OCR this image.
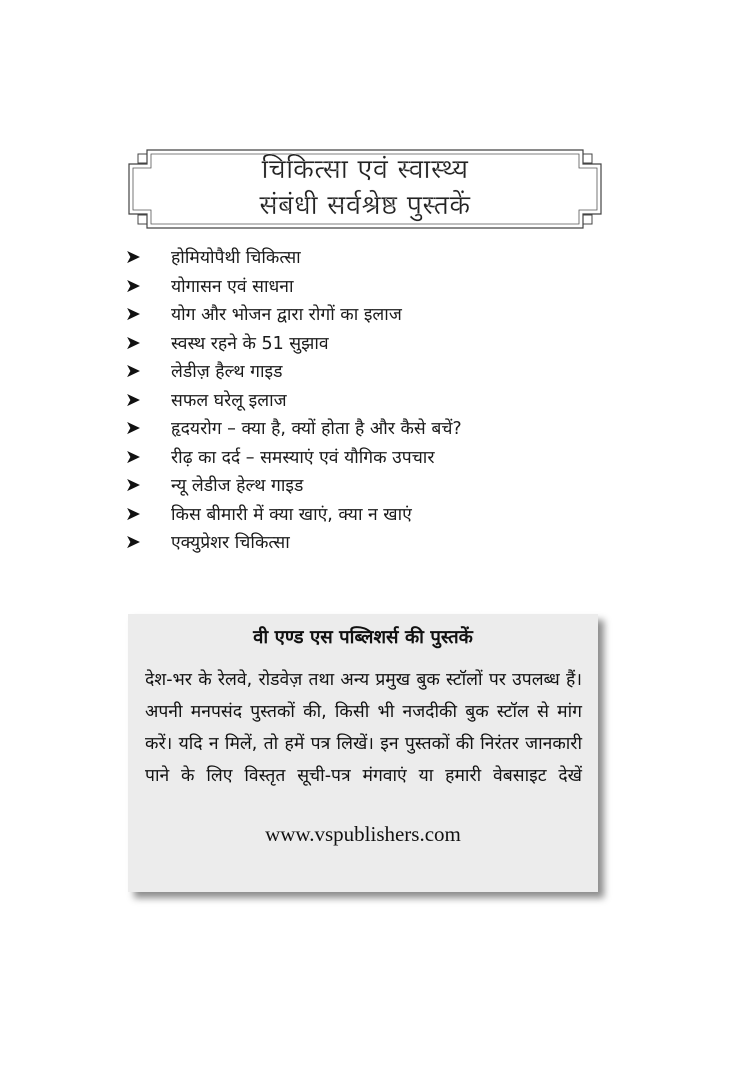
चिकित्सा एवं स्वास्थ्य
संबंधी सर्वश्रेष्ठ पुस्तकें
➤	होमियोपैथी चिकित्सा
➤	योगासन एवं साधना
➤	योग और भोजन द्वारा रोगों का इलाज
➤	स्वस्थ रहने के 51 सुझाव
➤	लेडीज़ हैल्थ गाइड
➤	सफल घरेलू इलाज
➤	हृदयरोग – क्या है, क्यों होता है और कैसे बचें?
➤	रीढ़ का दर्द – समस्याएं एवं यौगिक उपचार
➤	न्यू लेडीज हेल्थ गाइड
➤	किस बीमारी में क्या खाएं, क्या न खाएं
➤	एक्युप्रेशर चिकित्सा
वी एण्ड एस पब्लिशर्स की पुस्तकें
देश-भर के रेलवे, रोडवेज़ तथा अन्य प्रमुख बुक स्टॉलों पर उपलब्ध हैं। अपनी मनपसंद पुस्तकों की, किसी भी नजदीकी बुक स्टॉल से मांग करें। यदि न मिलें, तो हमें पत्र लिखें। इन पुस्तकों की निरंतर जानकारी पाने के लिए विस्तृत सूची-पत्र मंगवाएं या हमारी वेबसाइट देखें
www.vspublishers.com
